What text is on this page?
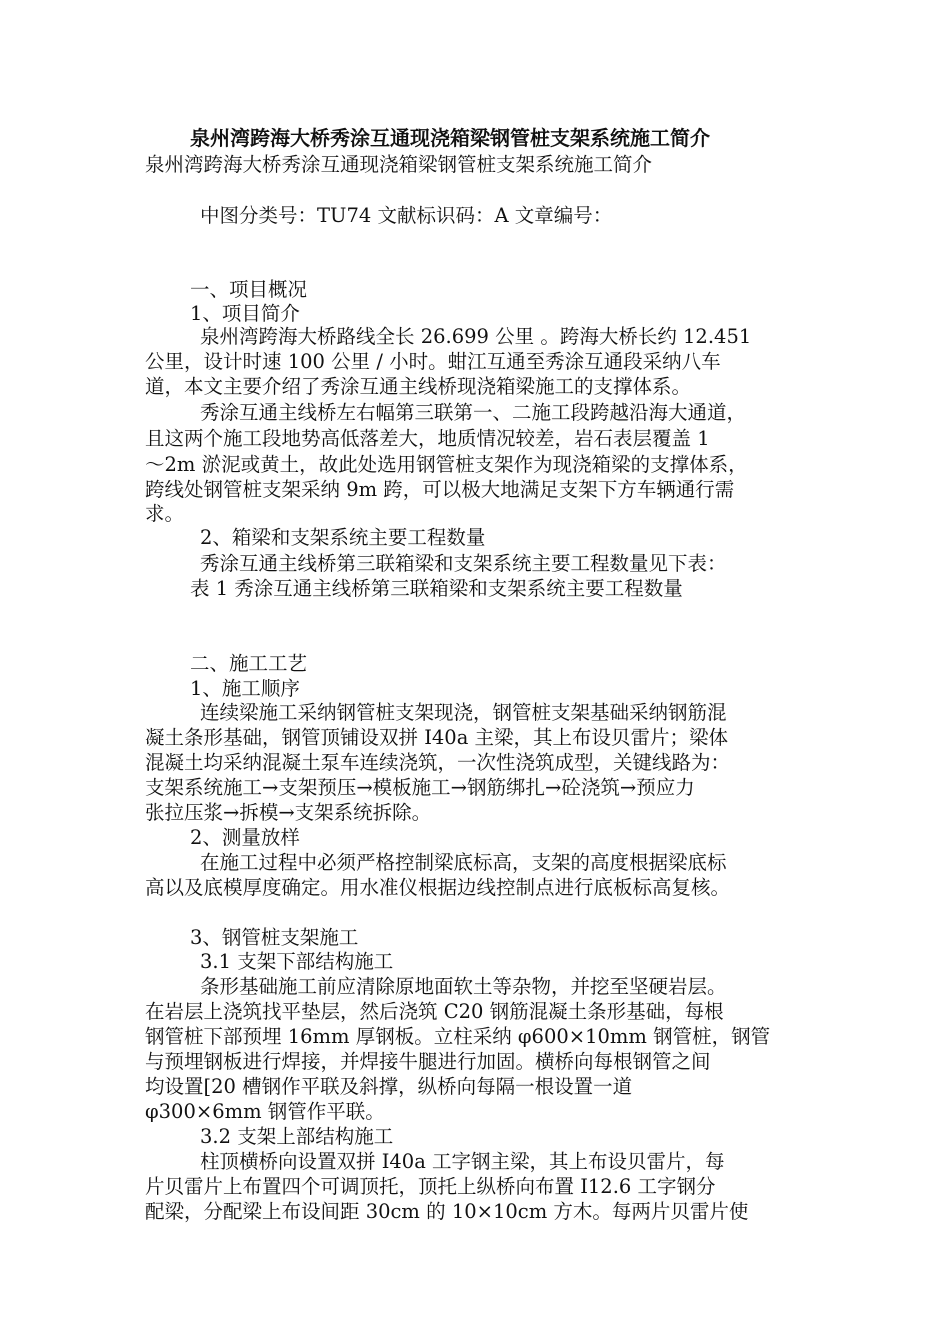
泉州湾跨海大桥秀涂互通现浇箱梁钢管桩支架系统施工简介
泉州湾跨海大桥秀涂互通现浇箱梁钢管桩支架系统施工简介
中图分类号：TU74 文献标识码：A 文章编号：
一、项目概况
1、项目简介
泉州湾跨海大桥路线全长 26.699 公里 。跨海大桥长约 12.451
公里，设计时速 100 公里 / 小时。蚶江互通至秀涂互通段采纳八车
道，本文主要介绍了秀涂互通主线桥现浇箱梁施工的支撑体系。
秀涂互通主线桥左右幅第三联第一、二施工段跨越沿海大通道，
且这两个施工段地势高低落差大，地质情况较差，岩石表层覆盖 1
～2m 淤泥或黄土，故此处选用钢管桩支架作为现浇箱梁的支撑体系，
跨线处钢管桩支架采纳 9m 跨，可以极大地满足支架下方车辆通行需
求。
2、箱梁和支架系统主要工程数量
秀涂互通主线桥第三联箱梁和支架系统主要工程数量见下表：
表 1 秀涂互通主线桥第三联箱梁和支架系统主要工程数量
二、施工工艺
1、施工顺序
连续梁施工采纳钢管桩支架现浇，钢管桩支架基础采纳钢筋混
凝土条形基础，钢管顶铺设双拼 I40a 主梁，其上布设贝雷片；梁体
混凝土均采纳混凝土泵车连续浇筑，一次性浇筑成型，关键线路为：
支架系统施工→支架预压→模板施工→钢筋绑扎→砼浇筑→预应力
张拉压浆→拆模→支架系统拆除。
2、测量放样
在施工过程中必须严格控制梁底标高，支架的高度根据梁底标
高以及底模厚度确定。用水准仪根据边线控制点进行底板标高复核。
3、钢管桩支架施工
3.1 支架下部结构施工
条形基础施工前应清除原地面软土等杂物，并挖至坚硬岩层。
在岩层上浇筑找平垫层，然后浇筑 C20 钢筋混凝土条形基础，每根
钢管桩下部预埋 16mm 厚钢板。立柱采纳 φ600×10mm 钢管桩，钢管
与预埋钢板进行焊接，并焊接牛腿进行加固。横桥向每根钢管之间
均设置[20 槽钢作平联及斜撑，纵桥向每隔一根设置一道
φ300×6mm 钢管作平联。
3.2 支架上部结构施工
柱顶横桥向设置双拼 I40a 工字钢主梁，其上布设贝雷片，每
片贝雷片上布置四个可调顶托，顶托上纵桥向布置 I12.6 工字钢分
配梁，分配梁上布设间距 30cm 的 10×10cm 方木。每两片贝雷片使
